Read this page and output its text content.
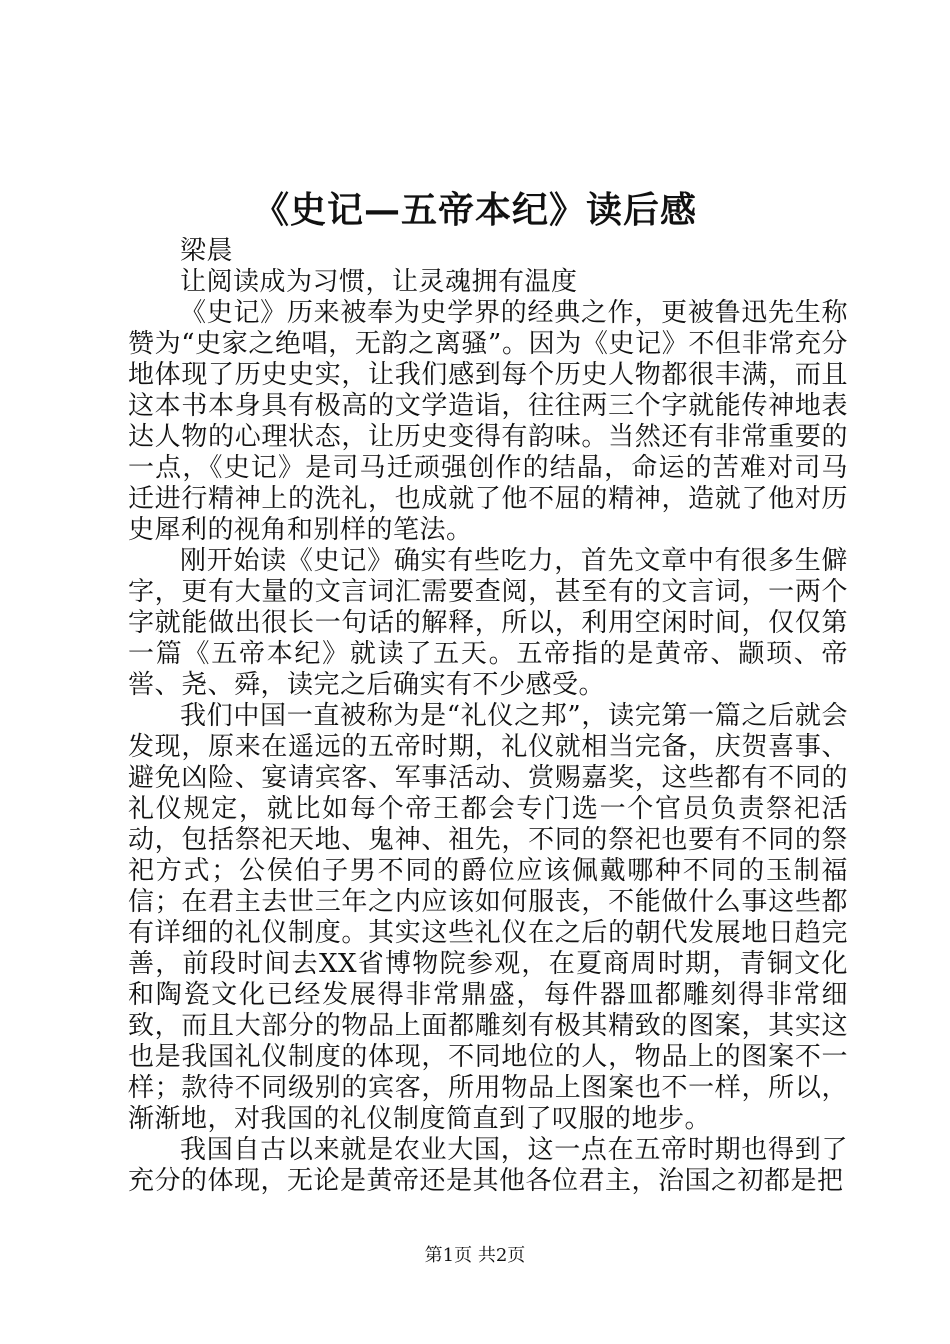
《史记—五帝本纪》读后感

梁晨

让阅读成为习惯，让灵魂拥有温度

《史记》历来被奉为史学界的经典之作，更被鲁迅先生称赞为“史家之绝唱，无韵之离骚”。因为《史记》不但非常充分地体现了历史史实，让我们感到每个历史人物都很丰满，而且这本书本身具有极高的文学造诣，往往两三个字就能传神地表达人物的心理状态，让历史变得有韵味。当然还有非常重要的一点，《史记》是司马迁顽强创作的结晶，命运的苦难对司马迁进行精神上的洗礼，也成就了他不屈的精神，造就了他对历史犀利的视角和别样的笔法。

刚开始读《史记》确实有些吃力，首先文章中有很多生僻字，更有大量的文言词汇需要查阅，甚至有的文言词，一两个字就能做出很长一句话的解释，所以，利用空闲时间，仅仅第一篇《五帝本纪》就读了五天。五帝指的是黄帝、颛顼、帝喾、尧、舜，读完之后确实有不少感受。

我们中国一直被称为是“礼仪之邦”，读完第一篇之后就会发现，原来在遥远的五帝时期，礼仪就相当完备，庆贺喜事、避免凶险、宴请宾客、军事活动、赏赐嘉奖，这些都有不同的礼仪规定，就比如每个帝王都会专门选一个官员负责祭祀活动，包括祭祀天地、鬼神、祖先，不同的祭祀也要有不同的祭祀方式；公侯伯子男不同的爵位应该佩戴哪种不同的玉制福信；在君主去世三年之内应该如何服丧，不能做什么事这些都有详细的礼仪制度。其实这些礼仪在之后的朝代发展地日趋完善，前段时间去XX省博物院参观，在夏商周时期，青铜文化和陶瓷文化已经发展得非常鼎盛，每件器皿都雕刻得非常细致，而且大部分的物品上面都雕刻有极其精致的图案，其实这也是我国礼仪制度的体现，不同地位的人，物品上的图案不一样；款待不同级别的宾客，所用物品上图案也不一样，所以，渐渐地，对我国的礼仪制度简直到了叹服的地步。

我国自古以来就是农业大国，这一点在五帝时期也得到了充分的体现，无论是黄帝还是其他各位君主，治国之初都是把

第1页 共2页
